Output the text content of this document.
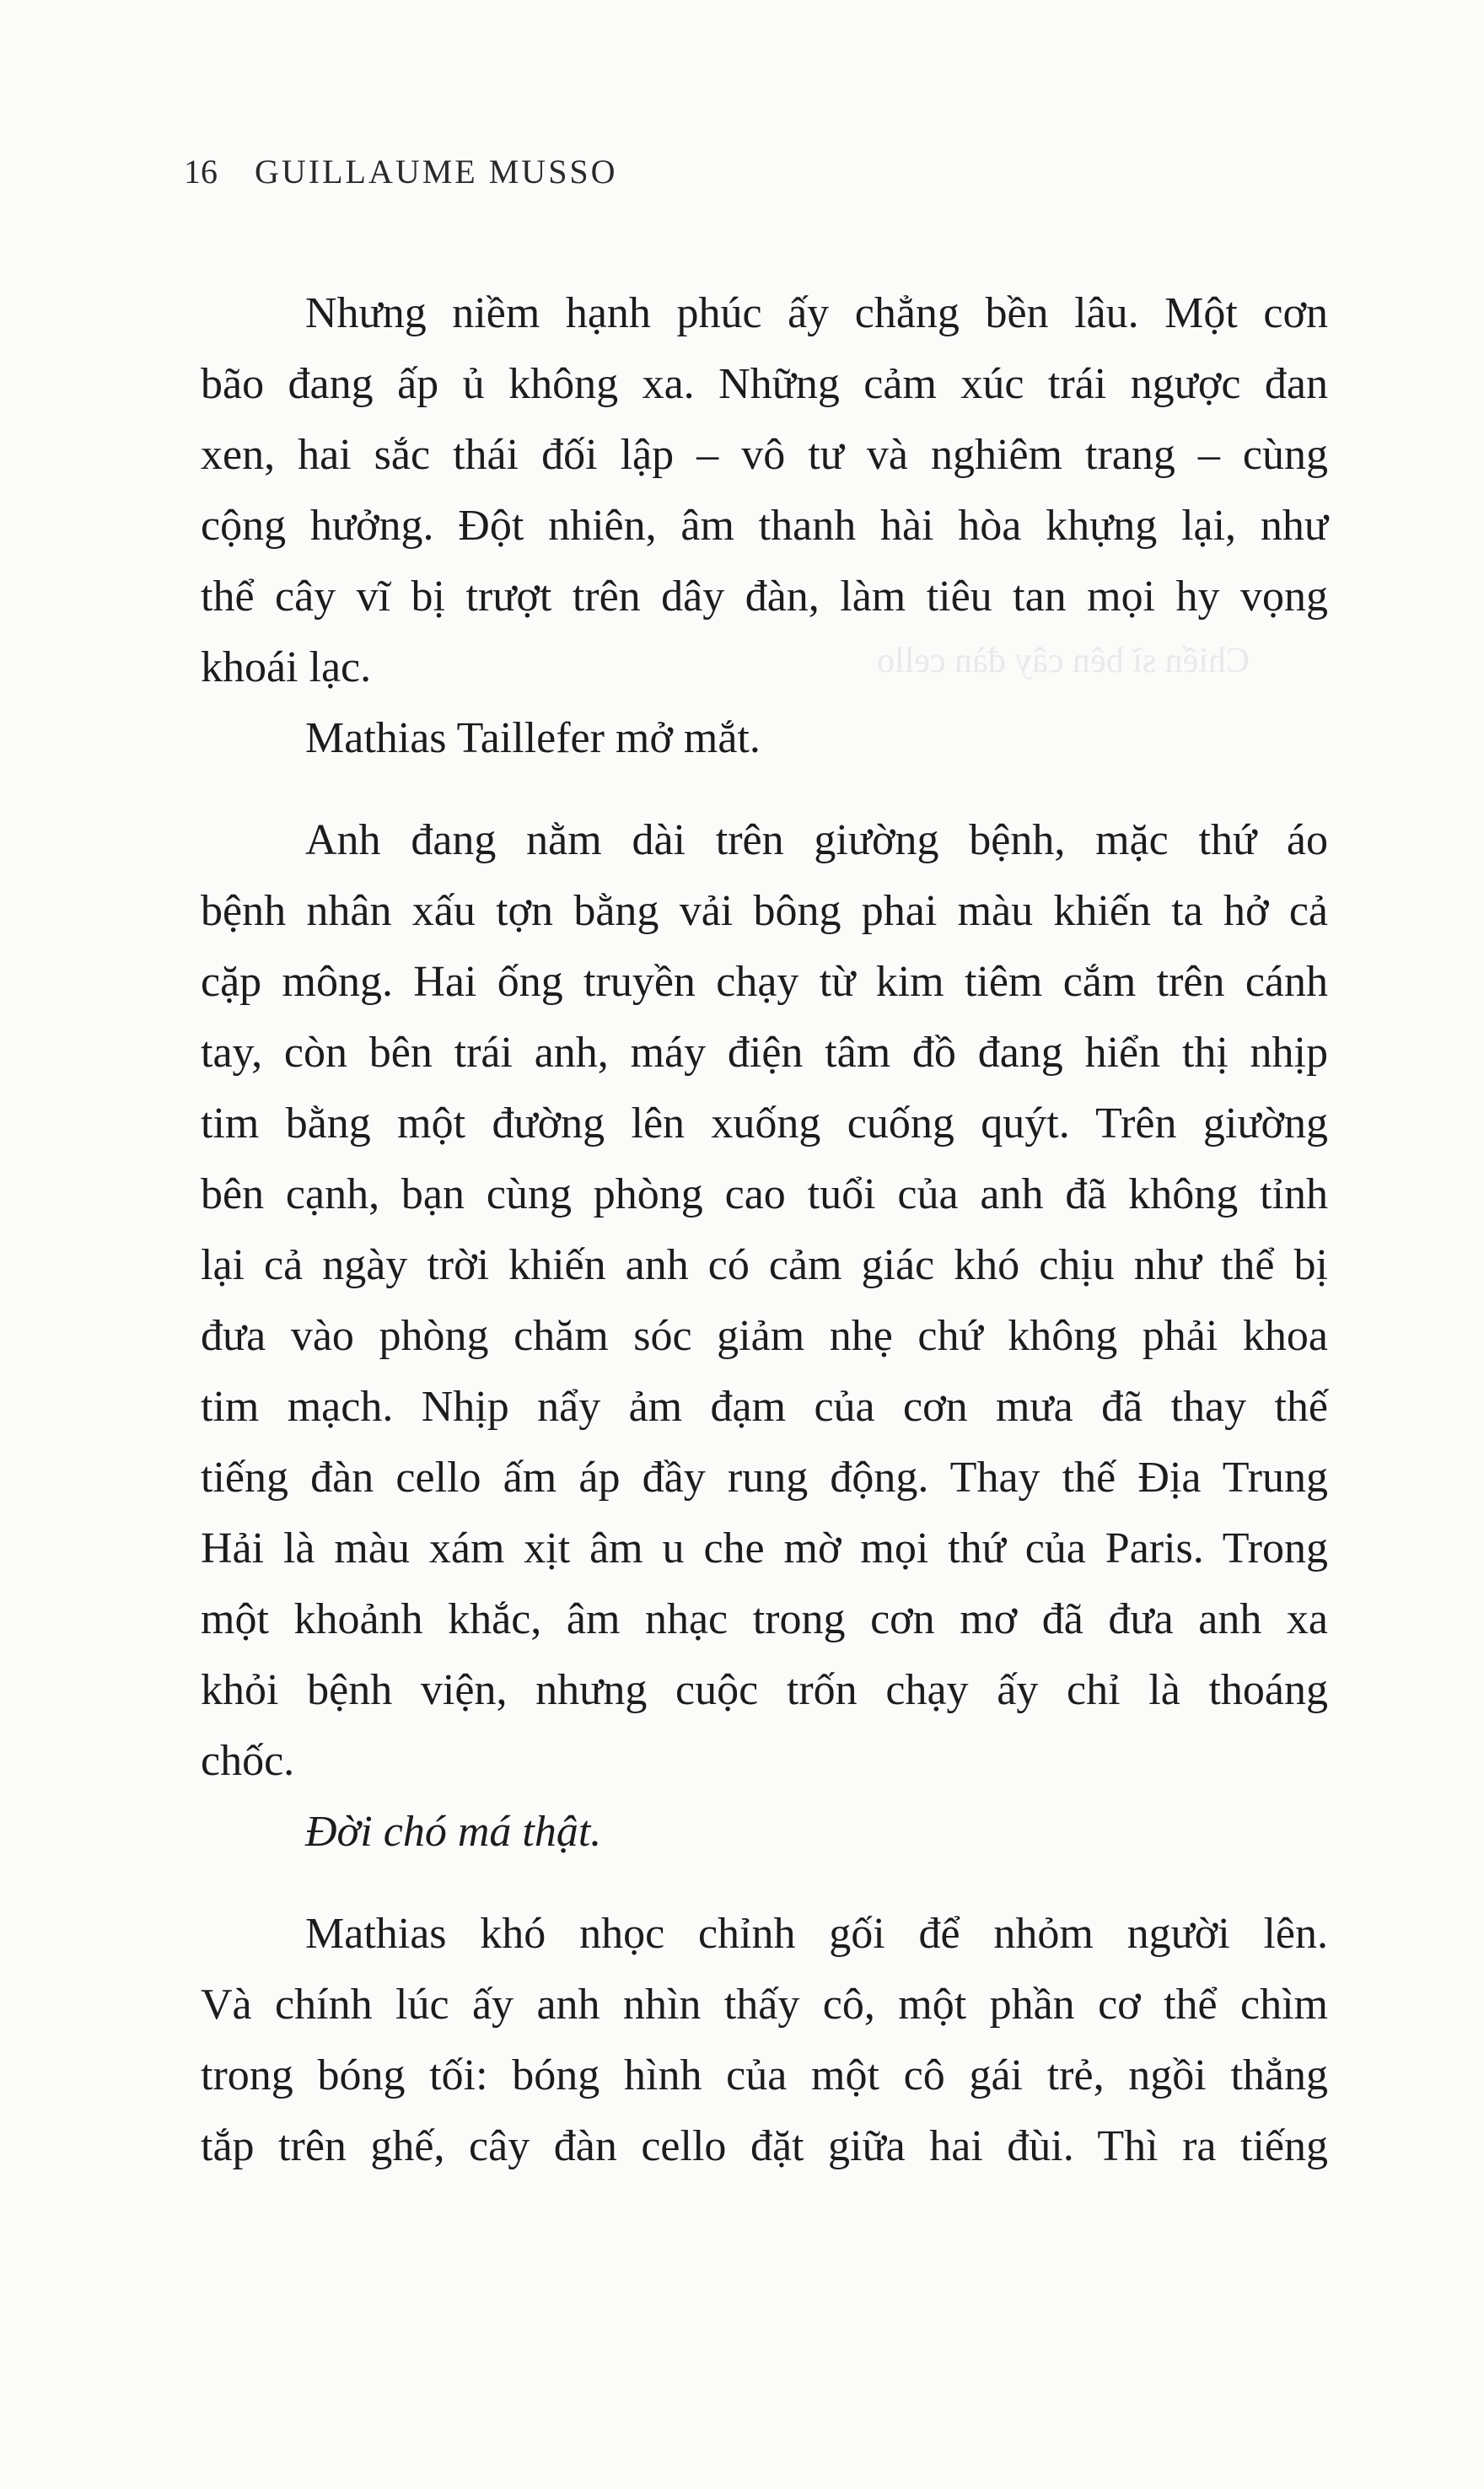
16 GUILLAUME MUSSO
Chiến sĩ bên cây đàn cello
Nhưng niềm hạnh phúc ấy chẳng bền lâu. Một cơn
bão đang ấp ủ không xa. Những cảm xúc trái ngược đan
xen, hai sắc thái đối lập – vô tư và nghiêm trang – cùng
cộng hưởng. Đột nhiên, âm thanh hài hòa khựng lại, như
thể cây vĩ bị trượt trên dây đàn, làm tiêu tan mọi hy vọng
khoái lạc.
Mathias Taillefer mở mắt.
Anh đang nằm dài trên giường bệnh, mặc thứ áo
bệnh nhân xấu tợn bằng vải bông phai màu khiến ta hở cả
cặp mông. Hai ống truyền chạy từ kim tiêm cắm trên cánh
tay, còn bên trái anh, máy điện tâm đồ đang hiển thị nhịp
tim bằng một đường lên xuống cuống quýt. Trên giường
bên cạnh, bạn cùng phòng cao tuổi của anh đã không tỉnh
lại cả ngày trời khiến anh có cảm giác khó chịu như thể bị
đưa vào phòng chăm sóc giảm nhẹ chứ không phải khoa
tim mạch. Nhịp nẩy ảm đạm của cơn mưa đã thay thế
tiếng đàn cello ấm áp đầy rung động. Thay thế Địa Trung
Hải là màu xám xịt âm u che mờ mọi thứ của Paris. Trong
một khoảnh khắc, âm nhạc trong cơn mơ đã đưa anh xa
khỏi bệnh viện, nhưng cuộc trốn chạy ấy chỉ là thoáng
chốc.
Đời chó má thật.
Mathias khó nhọc chỉnh gối để nhỏm người lên.
Và chính lúc ấy anh nhìn thấy cô, một phần cơ thể chìm
trong bóng tối: bóng hình của một cô gái trẻ, ngồi thẳng
tắp trên ghế, cây đàn cello đặt giữa hai đùi. Thì ra tiếng
